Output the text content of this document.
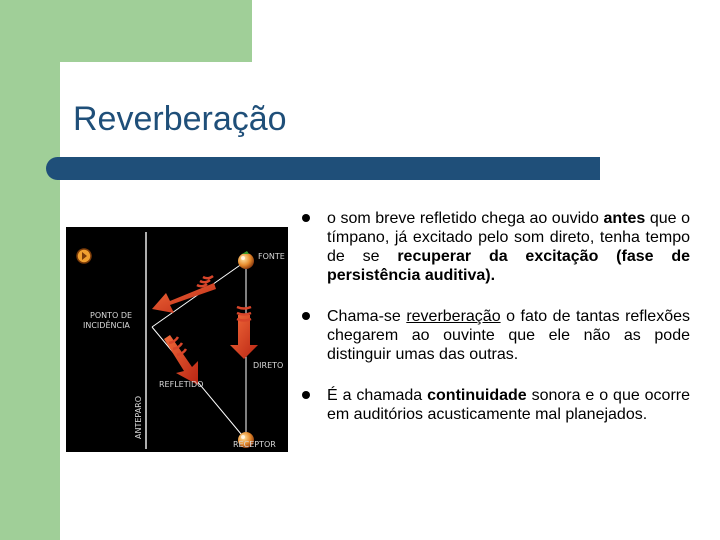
Reverberação
FONTE
PONTO DE
INCIDÊNCIA
DIRETO
REFLETIDO
RECEPTOR
ANTEPARO
o som breve refletido chega ao ouvido antes que o tímpano, já excitado pelo som direto, tenha tempo de se recuperar da excitação (fase de persistência auditiva).
Chama-se reverberação o fato de tantas reflexões chegarem ao ouvinte que ele não as pode distinguir umas das outras.
É a chamada continuidade sonora e o que ocorre em auditórios acusticamente mal planejados.
